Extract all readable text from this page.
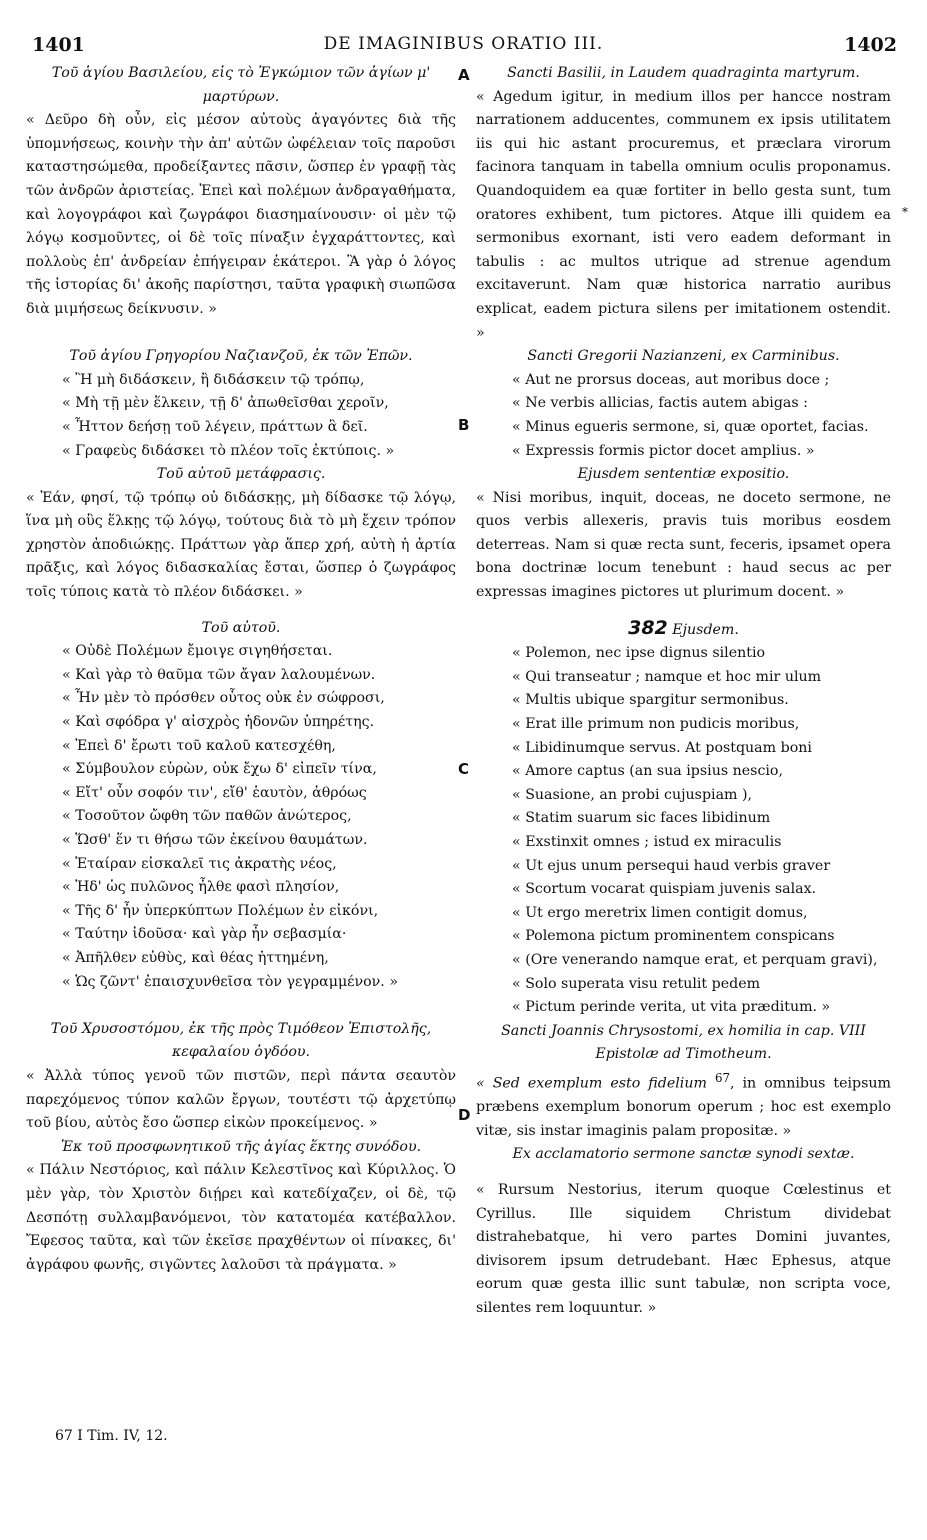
1401	DE IMAGINIBUS ORATIO III.	1402

Τοῦ ἁγίου Βασιλείου, εἰς τὸ Ἐγκώμιον τῶν ἁγίων μ' μαρτύρων.

« Δεῦρο δὴ οὖν, εἰς μέσον αὐτοὺς ἀγαγόντες διὰ τῆς ὑπομνήσεως, κοινὴν τὴν ἀπ' αὐτῶν ὠφέλειαν τοῖς παροῦσι καταστησώμεθα, προδείξαντες πᾶσιν, ὥσπερ ἐν γραφῇ τὰς τῶν ἀνδρῶν ἀριστείας. Ἐπεὶ καὶ πολέμων ἀνδραγαθήματα, καὶ λογογράφοι καὶ ζωγράφοι διασημαίνουσιν· οἱ μὲν τῷ λόγῳ κοσμοῦντες, οἱ δὲ τοῖς πίναξιν ἐγχαράττοντες, καὶ πολλοὺς ἐπ' ἀνδρείαν ἐπήγειραν ἑκάτεροι. Ἃ γὰρ ὁ λόγος τῆς ἱστορίας δι' ἀκοῆς παρίστησι, ταῦτα γραφικὴ σιωπῶσα διὰ μιμήσεως δείκνυσιν. »

Τοῦ ἁγίου Γρηγορίου Ναζιανζοῦ, ἐκ τῶν Ἐπῶν.

« Ἢ μὴ διδάσκειν, ἢ διδάσκειν τῷ τρόπῳ,

« Μὴ τῇ μὲν ἕλκειν, τῇ δ' ἀπωθεῖσθαι χεροῖν,

« Ἧττον δεήσῃ τοῦ λέγειν, πράττων ἃ δεῖ.

« Γραφεὺς διδάσκει τὸ πλέον τοῖς ἐκτύποις. »

Τοῦ αὐτοῦ μετάφρασις.

« Ἐάν, φησί, τῷ τρόπῳ οὐ διδάσκῃς, μὴ δίδασκε τῷ λόγῳ, ἵνα μὴ οὓς ἕλκῃς τῷ λόγῳ, τούτους διὰ τὸ μὴ ἔχειν τρόπον χρηστὸν ἀποδιώκῃς. Πράττων γὰρ ἅπερ χρή, αὐτὴ ἡ ἀρτία πρᾶξις, καὶ λόγος διδασκαλίας ἔσται, ὥσπερ ὁ ζωγράφος τοῖς τύποις κατὰ τὸ πλέον διδάσκει. »

Τοῦ αὐτοῦ.

« Οὐδὲ Πολέμων ἔμοιγε σιγηθήσεται.

« Καὶ γὰρ τὸ θαῦμα τῶν ἄγαν λαλουμένων.

« Ἦν μὲν τὸ πρόσθεν οὗτος οὐκ ἐν σώφροσι,

« Καὶ σφόδρα γ' αἰσχρὸς ἡδονῶν ὑπηρέτης.

« Ἐπεὶ δ' ἔρωτι τοῦ καλοῦ κατεσχέθη,

« Σύμβουλον εὑρὼν, οὐκ ἔχω δ' εἰπεῖν τίνα,

« Εἴτ' οὖν σοφόν τιν', εἴθ' ἑαυτὸν, ἀθρόως

« Τοσοῦτον ὤφθη τῶν παθῶν ἀνώτερος,

« Ὥσθ' ἕν τι θήσω τῶν ἐκείνου θαυμάτων.

« Ἑταίραν εἰσκαλεῖ τις ἀκρατὴς νέος,

« Ἡδ' ὡς πυλῶνος ἦλθε φασὶ πλησίον,

« Τῆς δ' ἦν ὑπερκύπτων Πολέμων ἐν εἰκόνι,

« Ταύτην ἰδοῦσα· καὶ γὰρ ἦν σεβασμία·

« Ἀπῆλθεν εὐθὺς, καὶ θέας ἡττημένη,

« Ὡς ζῶντ' ἐπαισχυνθεῖσα τὸν γεγραμμένον. »

Τοῦ Χρυσοστόμου, ἐκ τῆς πρὸς Τιμόθεον Ἐπιστολῆς, κεφαλαίου ὀγδόου.

« Ἀλλὰ τύπος γενοῦ τῶν πιστῶν, περὶ πάντα σεαυτὸν παρεχόμενος τύπον καλῶν ἔργων, τουτέστι τῷ ἀρχετύπῳ τοῦ βίου, αὐτὸς ἔσο ὥσπερ εἰκὼν προκείμενος. »

Ἐκ τοῦ προσφωνητικοῦ τῆς ἁγίας ἕκτης συνόδου.

« Πάλιν Νεστόριος, καὶ πάλιν Κελεστῖνος καὶ Κύριλλος. Ὁ μὲν γὰρ, τὸν Χριστὸν διῄρει καὶ κατεδίχαζεν, οἱ δὲ, τῷ Δεσπότῃ συλλαμβανόμενοι, τὸν κατατομέα κατέβαλλον. Ἔφεσος ταῦτα, καὶ τῶν ἐκεῖσε πραχθέντων οἱ πίνακες, δι' ἀγράφου φωνῆς, σιγῶντες λαλοῦσι τὰ πράγματα. »

A
B
C
D

Sancti Basilii, in Laudem quadraginta martyrum.

« Agedum igitur, in medium illos per hancce nostram narrationem adducentes, communem ex ipsis utilitatem iis qui hic astant procuremus, et præclara virorum facinora tanquam in tabella omnium oculis proponamus. Quandoquidem ea quæ fortiter in bello gesta sunt, tum oratores exhibent, tum pictores. Atque illi quidem ea sermonibus exornant, isti vero eadem deformant in tabulis : ac multos utrique ad strenue agendum excitaverunt. Nam quæ historica narratio auribus explicat, eadem pictura silens per imitationem ostendit. »

Sancti Gregorii Nazianzeni, ex Carminibus.

« Aut ne prorsus doceas, aut moribus doce ;

« Ne verbis allicias, factis autem abigas :

« Minus egueris sermone, si, quæ oportet, facias.

« Expressis formis pictor docet amplius. »

Ejusdem sententiæ expositio.

« Nisi moribus, inquit, doceas, ne doceto sermone, ne quos verbis allexeris, pravis tuis moribus eosdem deterreas. Nam si quæ recta sunt, feceris, ipsamet opera bona doctrinæ locum tenebunt : haud secus ac per expressas imagines pictores ut plurimum docent. »

382 Ejusdem.

« Polemon, nec ipse dignus silentio

« Qui transeatur ; namque et hoc mir ulum

« Multis ubique spargitur sermonibus.

« Erat ille primum non pudicis moribus,

« Libidinumque servus. At postquam boni

« Amore captus (an sua ipsius nescio,

« Suasione, an probi cujuspiam ),

« Statim suarum sic faces libidinum

« Exstinxit omnes ; istud ex miraculis

« Ut ejus unum persequi haud verbis graver

« Scortum vocarat quispiam juvenis salax.

« Ut ergo meretrix limen contigit domus,

« Polemona pictum prominentem conspicans

« (Ore venerando namque erat, et perquam gravi),

« Solo superata visu retulit pedem

« Pictum perinde verita, ut vita præditum. »

Sancti Joannis Chrysostomi, ex homilia in cap. VIII Epistolæ ad Timotheum.

« Sed exemplum esto fidelium $^{67}$, in omnibus teipsum præbens exemplum bonorum operum ; hoc est exemplo vitæ, sis instar imaginis palam propositæ. »

Ex acclamatorio sermone sanctæ synodi sextæ.

« Rursum Nestorius, iterum quoque Cœlestinus et Cyrillus. Ille siquidem Christum dividebat distrahebatque, hi vero partes Domini juvantes, divisorem ipsum detrudebant. Hæc Ephesus, atque eorum quæ gesta illic sunt tabulæ, non scripta voce, silentes rem loquuntur. »

*
67 I Tim. IV, 12.
